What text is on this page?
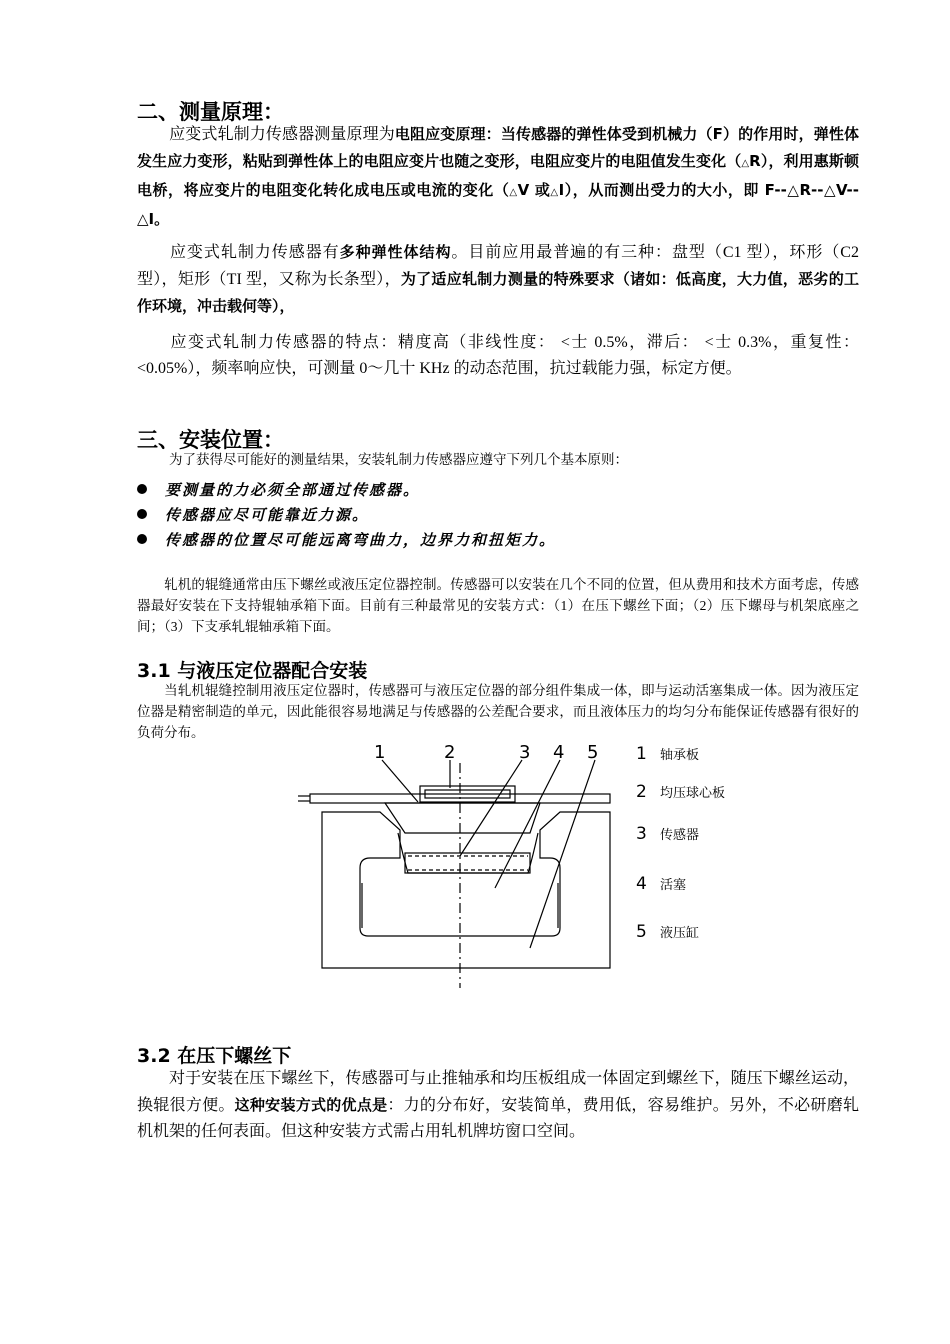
二、测量原理：
应变式轧制力传感器测量原理为电阻应变原理：当传感器的弹性体受到机械力（F）的作用时，弹性体发生应力变形，粘贴到弹性体上的电阻应变片也随之变形，电阻应变片的电阻值发生变化（△R），利用惠斯顿电桥，将应变片的电阻变化转化成电压或电流的变化（△V 或△I），从而测出受力的大小，即 F--△R--△V--△I。
应变式轧制力传感器有多种弹性体结构。目前应用最普遍的有三种：盘型（C1 型），环形（C2 型），矩形（TI 型，又称为长条型），为了适应轧制力测量的特殊要求（诸如：低高度，大力值，恶劣的工作环境，冲击载何等），
应变式轧制力传感器的特点：精度高（非线性度： <士 0.5%，滞后： <士 0.3%，重复性： <0.05%），频率响应快，可测量 0～几十 KHz 的动态范围，抗过载能力强，标定方便。
三、安装位置：
为了获得尽可能好的测量结果，安装轧制力传感器应遵守下列几个基本原则：
要测量的力必须全部通过传感器。
传感器应尽可能靠近力源。
传感器的位置尽可能远离弯曲力，边界力和扭矩力。
轧机的辊缝通常由压下螺丝或液压定位器控制。传感器可以安装在几个不同的位置，但从费用和技术方面考虑，传感器最好安装在下支持辊轴承箱下面。目前有三种最常见的安装方式：（1）在压下螺丝下面；（2）压下螺母与机架底座之间；（3）下支承轧辊轴承箱下面。
3.1 与液压定位器配合安装
当轧机辊缝控制用液压定位器时，传感器可与液压定位器的部分组件集成一体，即与运动活塞集成一体。因为液压定位器是精密制造的单元，因此能很容易地满足与传感器的公差配合要求，而且液体压力的均匀分布能保证传感器有很好的负荷分布。
1	2	3 4 5 1 轴承板
2 均压球心板
3 传感器
4 活塞
5 液压缸
3.2 在压下螺丝下
对于安装在压下螺丝下，传感器可与止推轴承和均压板组成一体固定到螺丝下，随压下螺丝运动，换辊很方便。这种安装方式的优点是：力的分布好，安装简单，费用低，容易维护。另外，不必研磨轧机机架的任何表面。但这种安装方式需占用轧机牌坊窗口空间。
